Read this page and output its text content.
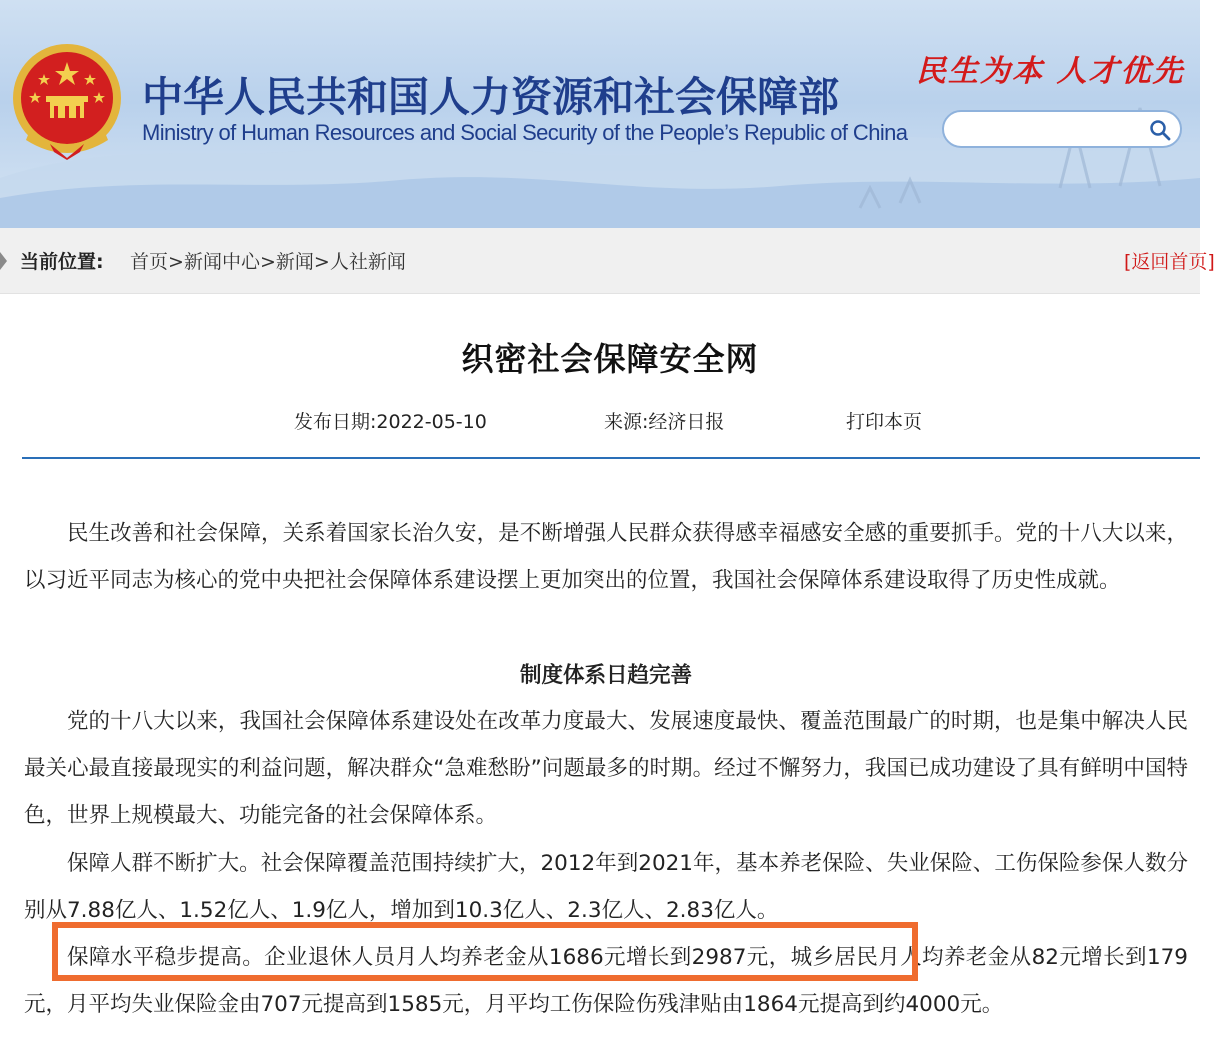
中华人民共和国人力资源和社会保障部
Ministry of Human Resources and Social Security of the People’s Republic of China
民生为本 人才优先
当前位置: 首页>新闻中心>新闻>人社新闻	[返回首页]
织密社会保障安全网
发布日期:2022-05-10	来源:经济日报	打印本页

民生改善和社会保障，关系着国家长治久安，是不断增强人民群众获得感幸福感安全感的重要抓手。党的十八大以来，以习近平同志为核心的党中央把社会保障体系建设摆上更加突出的位置，我国社会保障体系建设取得了历史性成就。

制度体系日趋完善

党的十八大以来，我国社会保障体系建设处在改革力度最大、发展速度最快、覆盖范围最广的时期，也是集中解决人民最关心最直接最现实的利益问题，解决群众“急难愁盼”问题最多的时期。经过不懈努力，我国已成功建设了具有鲜明中国特色，世界上规模最大、功能完备的社会保障体系。

保障人群不断扩大。社会保障覆盖范围持续扩大，2012年到2021年，基本养老保险、失业保险、工伤保险参保人数分别从7.88亿人、1.52亿人、1.9亿人，增加到10.3亿人、2.3亿人、2.83亿人。

保障水平稳步提高。企业退休人员月人均养老金从1686元增长到2987元，城乡居民月人均养老金从82元增长到179元，月平均失业保险金由707元提高到1585元，月平均工伤保险伤残津贴由1864元提高到约4000元。
